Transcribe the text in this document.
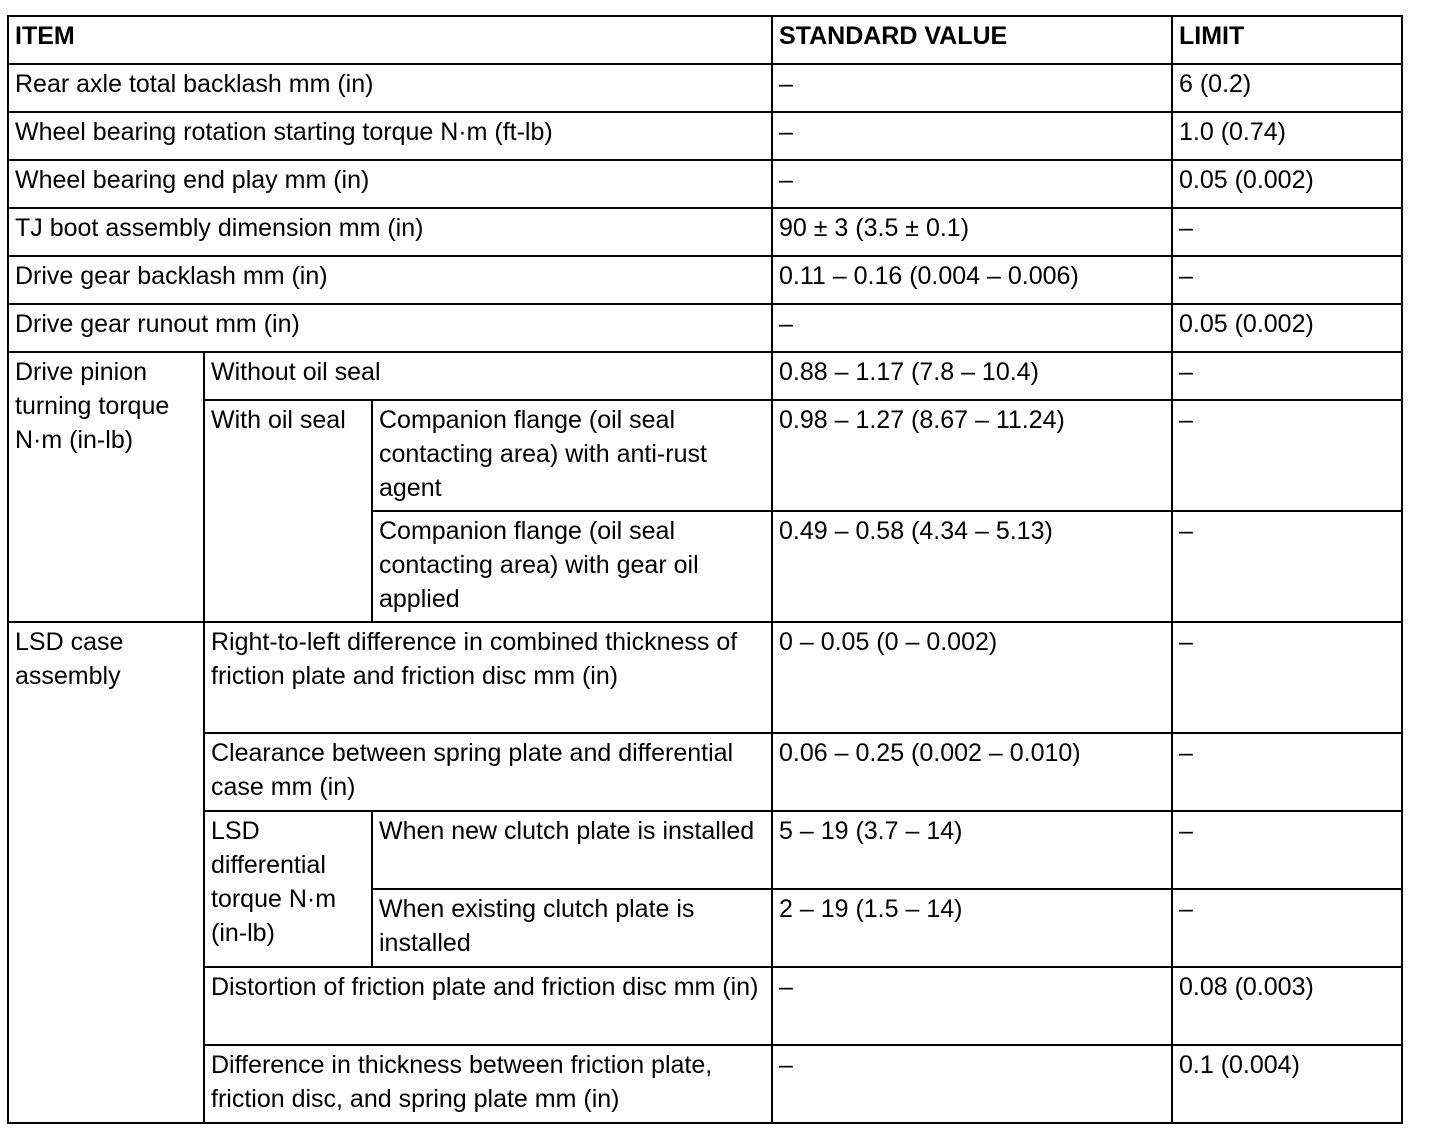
ITEM			STANDARD VALUE	LIMIT
Rear axle total backlash mm (in)			–	6 (0.2)
Wheel bearing rotation starting torque N·m (ft-lb)			–	1.0 (0.74)
Wheel bearing end play mm (in)			–	0.05 (0.002)
TJ boot assembly dimension mm (in)			90 ± 3 (3.5 ± 0.1)	–
Drive gear backlash mm (in)			0.11 – 0.16 (0.004 – 0.006)	–
Drive gear runout mm (in)			–	0.05 (0.002)
Drive pinion turning torque N·m (in-lb)	Without oil seal		0.88 – 1.17 (7.8 – 10.4)	–
	With oil seal	Companion flange (oil seal contacting area) with anti-rust agent	0.98 – 1.27 (8.67 – 11.24)	–
		Companion flange (oil seal contacting area) with gear oil applied	0.49 – 0.58 (4.34 – 5.13)	–
LSD case assembly	Right-to-left difference in combined thickness of friction plate and friction disc mm (in)		0 – 0.05 (0 – 0.002)	–
	Clearance between spring plate and differential case mm (in)		0.06 – 0.25 (0.002 – 0.010)	–
	LSD differential torque N·m (in-lb)	When new clutch plate is installed	5 – 19 (3.7 – 14)	–
		When existing clutch plate is installed	2 – 19 (1.5 – 14)	–
	Distortion of friction plate and friction disc mm (in)		–	0.08 (0.003)
	Difference in thickness between friction plate, friction disc, and spring plate mm (in)		–	0.1 (0.004)
